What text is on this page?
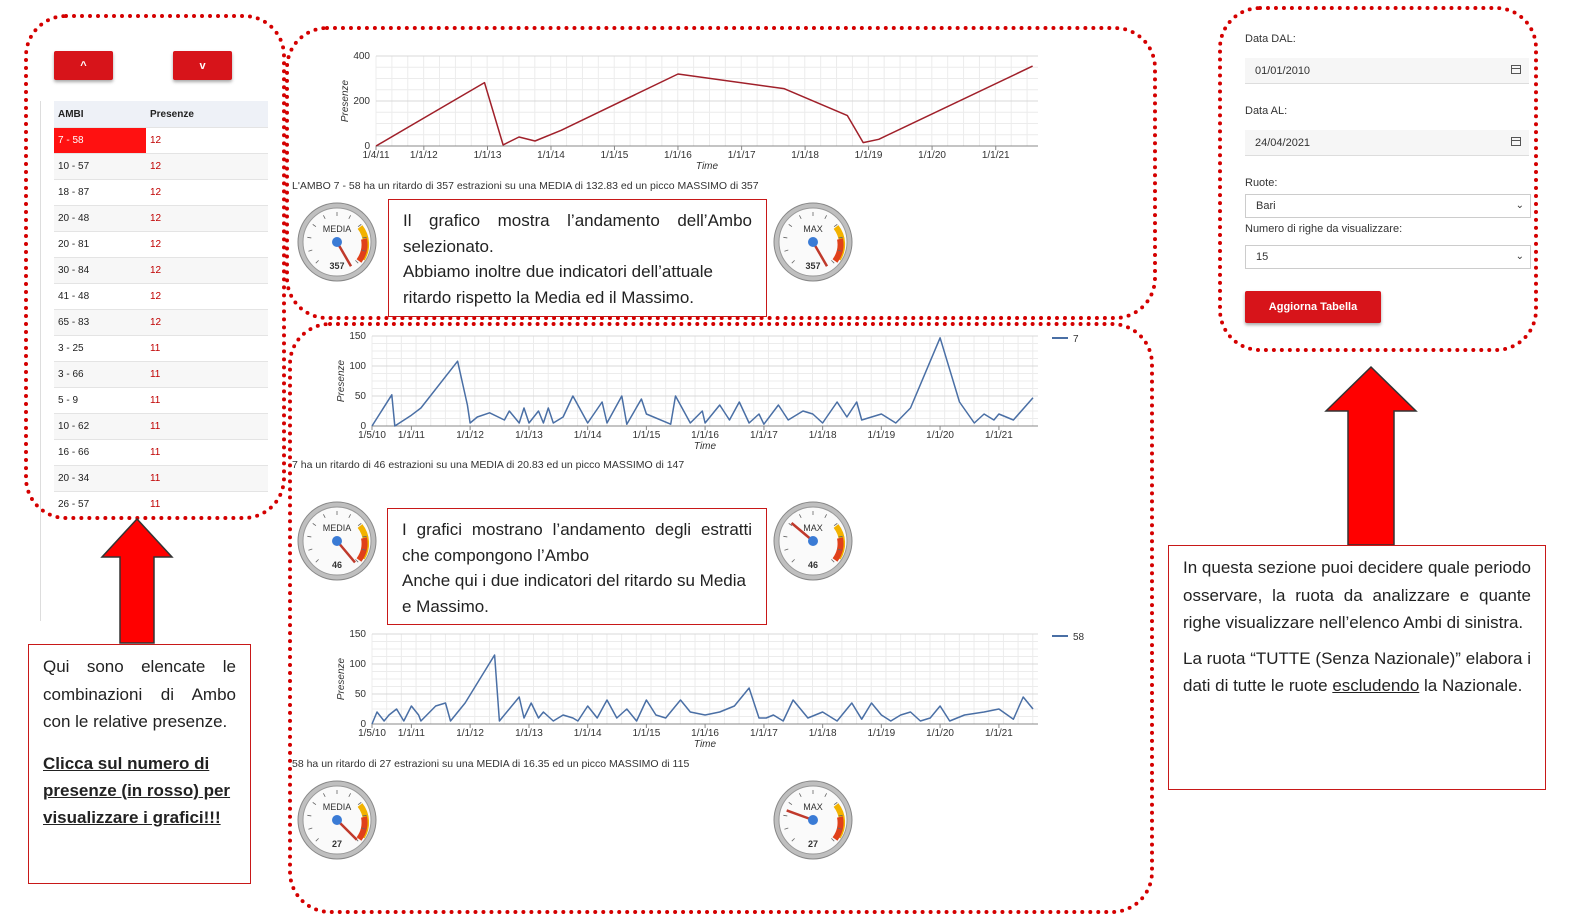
^	v
AMBI	Presenze
7 - 58	12
10 - 57	12
18 - 87	12
20 - 48	12
20 - 81	12
30 - 84	12
41 - 48	12
65 - 83	12
3 - 25	11
3 - 66	11
5 - 9	11
10 - 62	11
16 - 66	11
20 - 34	11
26 - 57	11
Qui sono elencate le combinazioni di Ambo con le relative presenze.
Clicca sul numero di presenze (in rosso) per visualizzare i grafici!!!
0
200
400
1/4/11 1/1/12	1/1/13	1/1/14	1/1/15	1/1/16	1/1/17	1/1/18	1/1/19	1/1/20	1/1/21
Time
Presenze
L'AMBO 7 - 58 ha un ritardo di 357 estrazioni su una MEDIA di 132.83 ed un picco MASSIMO di 357
MEDIA
357
MAX
357
Il grafico mostra l’andamento dell’Ambo selezionato.
Abbiamo inoltre due indicatori dell’attuale ritardo rispetto la Media ed il Massimo.
0
50
100
150
1/5/10 1/1/11	1/1/12	1/1/13	1/1/14	1/1/15	1/1/16	1/1/17	1/1/18	1/1/19	1/1/20	1/1/21
Time
Presenze
7
7 ha un ritardo di 46 estrazioni su una MEDIA di 20.83 ed un picco MASSIMO di 147
MEDIA
46
MAX
46
I grafici mostrano l’andamento degli estratti che compongono l’Ambo
Anche qui i due indicatori del ritardo su Media e Massimo.
0
50
100
150
1/5/10 1/1/11	1/1/12	1/1/13	1/1/14	1/1/15	1/1/16	1/1/17	1/1/18	1/1/19	1/1/20	1/1/21
Time
Presenze
58
58 ha un ritardo di 27 estrazioni su una MEDIA di 16.35 ed un picco MASSIMO di 115
MEDIA
27
MAX
27
Data DAL:
01/01/2010
Data AL:
24/04/2021
Ruote:
Bari	⌄
Numero di righe da visualizzare:
15	⌄
Aggiorna Tabella
In questa sezione puoi decidere quale periodo osservare, la ruota da analizzare e quante righe visualizzare nell’elenco Ambi di sinistra.
La ruota “TUTTE (Senza Nazionale)” elabora i dati di tutte le ruote escludendo la Nazionale.
